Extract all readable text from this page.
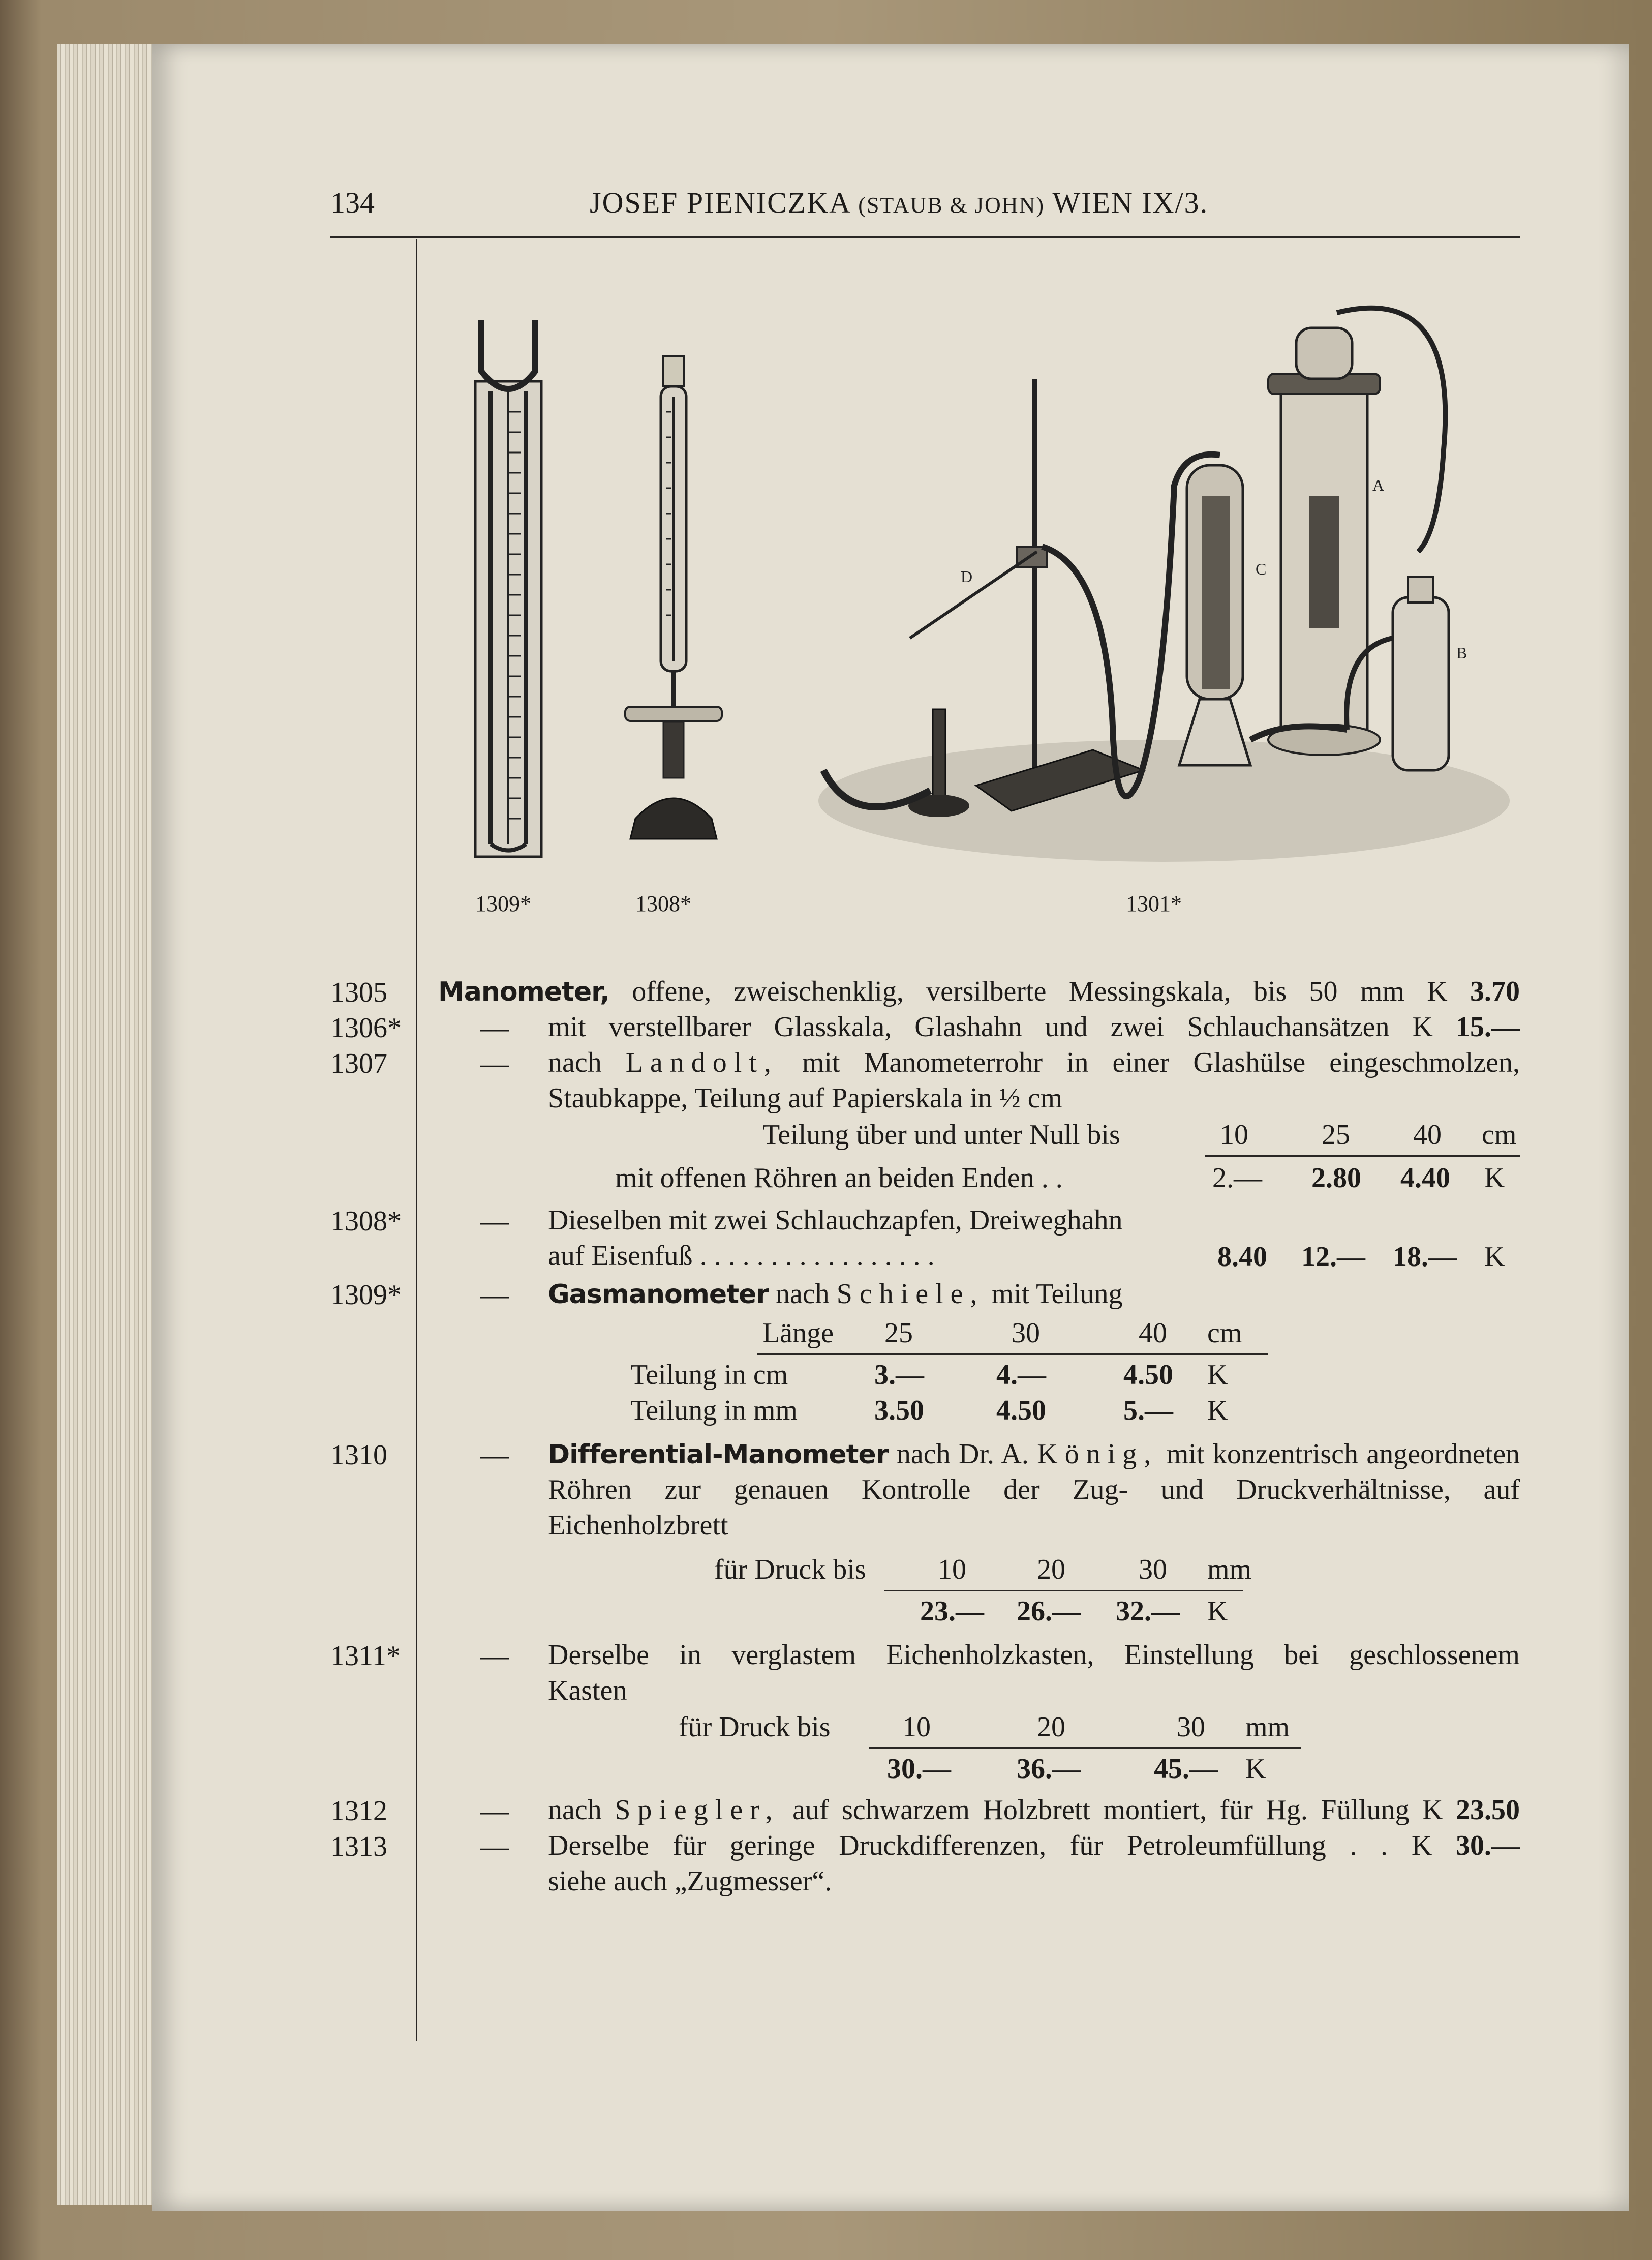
134	JOSEF PIENICZKA (STAUB & JOHN) WIEN IX/3.
C
D
A
B
1309*	1308*	1301*
1305 Manometer, offene, zweischenklig, versilberte Messingskala, bis 50 mm K 3.70
1306*	— mit verstellbarer Glasskala, Glashahn und zwei Schlauchansätzen K 15.—
1307	— nach Landolt, mit Manometerrohr in einer Glashülse eingeschmolzen,
Staubkappe, Teilung auf Papierskala in ½ cm
Teilung über und unter Null bis	10	25 40 cm
mit offenen Röhren an beiden Enden . .	2.— 2.80 4.40 K
1308*	— Dieselben mit zwei Schlauchzapfen, Dreiweghahn
auf Eisenfuß . . . . . . . . . . . . . . . . .	8.40 12.— 18.— K
1309*	— Gasmanometer nach Schiele, mit Teilung
Länge 25	30	40 cm
Teilung in cm	3.—	4.—	4.50 K
Teilung in mm	3.50	4.50	5.— K
1310	— Differential-Manometer nach Dr. A. König, mit konzentrisch angeordneten
Röhren zur genauen Kontrolle der Zug- und Druckverhältnisse, auf
Eichenholzbrett
für Druck bis	10 20	30 mm
23.— 26.— 32.— K
1311*	— Derselbe in verglastem Eichenholzkasten, Einstellung bei geschlossenem
Kasten
für Druck bis	10	20	30 mm
30.— 36.—	45.— K
1312	— nach Spiegler, auf schwarzem Holzbrett montiert, für Hg. Füllung K 23.50
1313	— Derselbe für geringe Druckdifferenzen, für Petroleumfüllung . . K 30.—
siehe auch „Zugmesser“.
